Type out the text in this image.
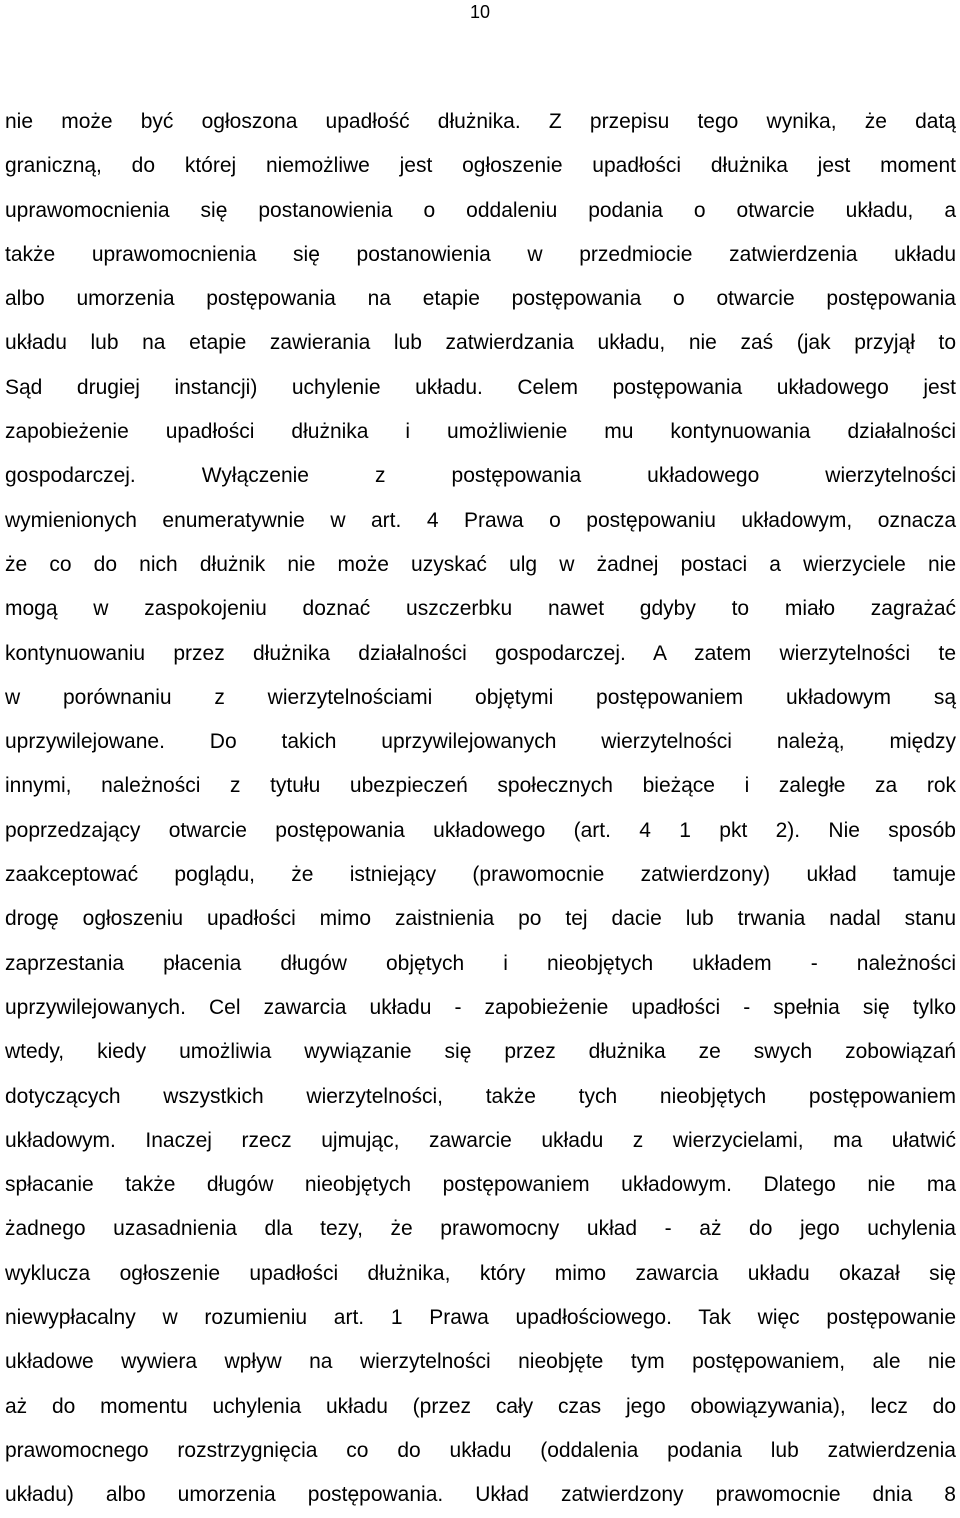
10
nie może być ogłoszona upadłość dłużnika. Z przepisu tego wynika, że datą
graniczną, do której niemożliwe jest ogłoszenie upadłości dłużnika jest moment
uprawomocnienia się postanowienia o oddaleniu podania o otwarcie układu, a
także uprawomocnienia się postanowienia w przedmiocie zatwierdzenia układu
albo umorzenia postępowania na etapie postępowania o otwarcie postępowania
układu lub na etapie zawierania lub zatwierdzania układu, nie zaś (jak przyjął to
Sąd drugiej instancji) uchylenie układu. Celem postępowania układowego jest
zapobieżenie upadłości dłużnika i umożliwienie mu kontynuowania działalności
gospodarczej. Wyłączenie z postępowania układowego wierzytelności
wymienionych enumeratywnie w art. 4 Prawa o postępowaniu układowym, oznacza
że co do nich dłużnik nie może uzyskać ulg w żadnej postaci a wierzyciele nie
mogą w zaspokojeniu doznać uszczerbku nawet gdyby to miało zagrażać
kontynuowaniu przez dłużnika działalności gospodarczej. A zatem wierzytelności te
w porównaniu z wierzytelnościami objętymi postępowaniem układowym są
uprzywilejowane. Do takich uprzywilejowanych wierzytelności należą, między
innymi, należności z tytułu ubezpieczeń społecznych bieżące i zaległe za rok
poprzedzający otwarcie postępowania układowego (art. 4 1 pkt 2). Nie sposób
zaakceptować poglądu, że istniejący (prawomocnie zatwierdzony) układ tamuje
drogę ogłoszeniu upadłości mimo zaistnienia po tej dacie lub trwania nadal stanu
zaprzestania płacenia długów objętych i nieobjętych układem - należności
uprzywilejowanych. Cel zawarcia układu - zapobieżenie upadłości - spełnia się tylko
wtedy, kiedy umożliwia wywiązanie się przez dłużnika ze swych zobowiązań
dotyczących wszystkich wierzytelności, także tych nieobjętych postępowaniem
układowym. Inaczej rzecz ujmując, zawarcie układu z wierzycielami, ma ułatwić
spłacanie także długów nieobjętych postępowaniem układowym. Dlatego nie ma
żadnego uzasadnienia dla tezy, że prawomocny układ - aż do jego uchylenia
wyklucza ogłoszenie upadłości dłużnika, który mimo zawarcia układu okazał się
niewypłacalny w rozumieniu art. 1 Prawa upadłościowego. Tak więc postępowanie
układowe wywiera wpływ na wierzytelności nieobjęte tym postępowaniem, ale nie
aż do momentu uchylenia układu (przez cały czas jego obowiązywania), lecz do
prawomocnego rozstrzygnięcia co do układu (oddalenia podania lub zatwierdzenia
układu) albo umorzenia postępowania. Układ zatwierdzony prawomocnie dnia 8
